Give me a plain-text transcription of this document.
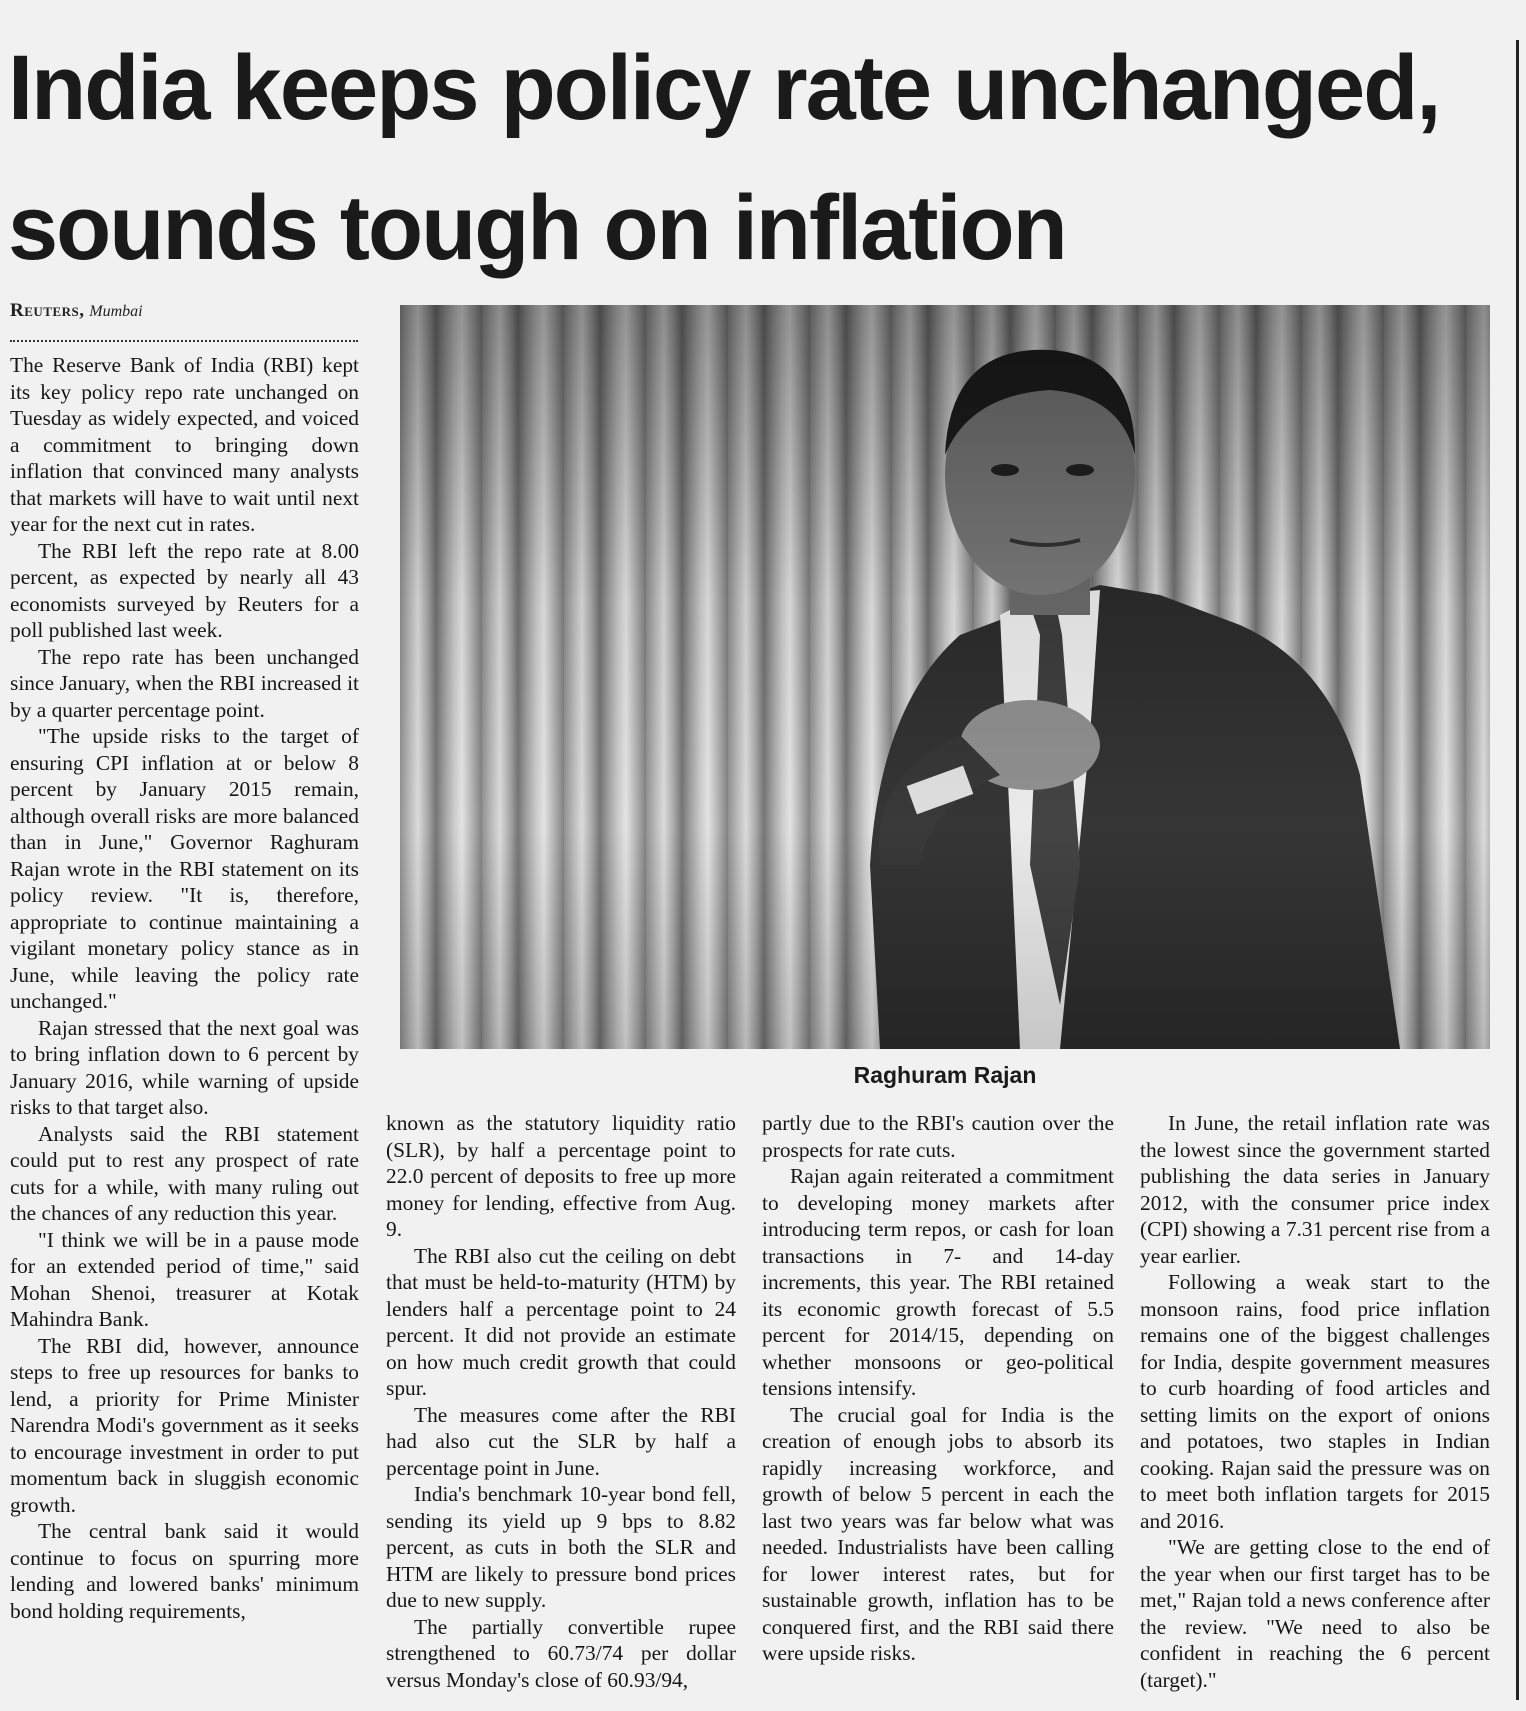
India keeps policy rate unchanged,
sounds tough on inflation
Reuters, Mumbai

The Reserve Bank of India (RBI) kept its key policy repo rate unchanged on Tuesday as widely expected, and voiced a commitment to bringing down inflation that convinced many analysts that markets will have to wait until next year for the next cut in rates.

The RBI left the repo rate at 8.00 percent, as expected by nearly all 43 economists surveyed by Reuters for a poll published last week.

The repo rate has been unchanged since January, when the RBI increased it by a quarter percentage point.

"The upside risks to the target of ensuring CPI inflation at or below 8 percent by January 2015 remain, although overall risks are more balanced than in June," Governor Raghuram Rajan wrote in the RBI statement on its policy review. "It is, therefore, appropriate to continue maintaining a vigilant monetary policy stance as in June, while leaving the policy rate unchanged."

Rajan stressed that the next goal was to bring inflation down to 6 percent by January 2016, while warning of upside risks to that target also.

Analysts said the RBI statement could put to rest any prospect of rate cuts for a while, with many ruling out the chances of any reduction this year.

"I think we will be in a pause mode for an extended period of time," said Mohan Shenoi, treasurer at Kotak Mahindra Bank.

The RBI did, however, announce steps to free up resources for banks to lend, a priority for Prime Minister Narendra Modi's government as it seeks to encourage investment in order to put momentum back in sluggish economic growth.

The central bank said it would continue to focus on spurring more lending and lowered banks' minimum bond holding requirements,

Raghuram Rajan

known as the statutory liquidity ratio (SLR), by half a percentage point to 22.0 percent of deposits to free up more money for lending, effective from Aug. 9.

The RBI also cut the ceiling on debt that must be held-to-maturity (HTM) by lenders half a percentage point to 24 percent. It did not provide an estimate on how much credit growth that could spur.

The measures come after the RBI had also cut the SLR by half a percentage point in June.

India's benchmark 10-year bond fell, sending its yield up 9 bps to 8.82 percent, as cuts in both the SLR and HTM are likely to pressure bond prices due to new supply.

The partially convertible rupee strengthened to 60.73/74 per dollar versus Monday's close of 60.93/94,

partly due to the RBI's caution over the prospects for rate cuts.

Rajan again reiterated a commitment to developing money markets after introducing term repos, or cash for loan transactions in 7- and 14-day increments, this year. The RBI retained its economic growth forecast of 5.5 percent for 2014/15, depending on whether monsoons or geo-political tensions intensify.

The crucial goal for India is the creation of enough jobs to absorb its rapidly increasing workforce, and growth of below 5 percent in each the last two years was far below what was needed. Industrialists have been calling for lower interest rates, but for sustainable growth, inflation has to be conquered first, and the RBI said there were upside risks.

In June, the retail inflation rate was the lowest since the government started publishing the data series in January 2012, with the consumer price index (CPI) showing a 7.31 percent rise from a year earlier.

Following a weak start to the monsoon rains, food price inflation remains one of the biggest challenges for India, despite government measures to curb hoarding of food articles and setting limits on the export of onions and potatoes, two staples in Indian cooking. Rajan said the pressure was on to meet both inflation targets for 2015 and 2016.

"We are getting close to the end of the year when our first target has to be met," Rajan told a news conference after the review. "We need to also be confident in reaching the 6 percent (target)."
